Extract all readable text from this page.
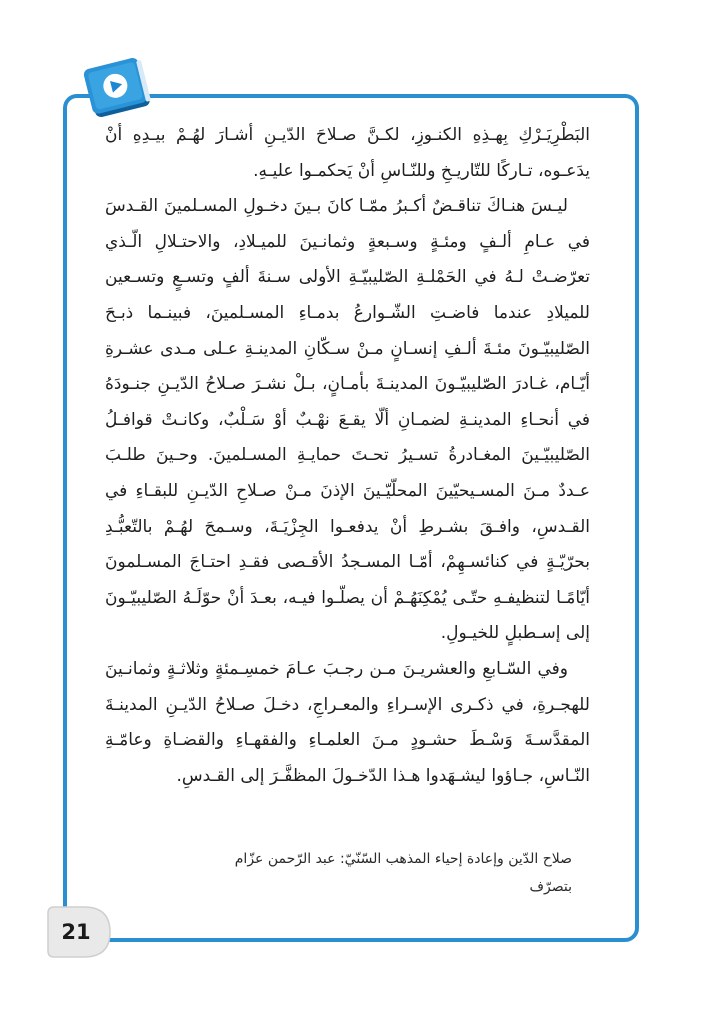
البَطْرِيَـرْكِ بِهـذِهِ الكنـوزِ، لكـنَّ صـلاحَ الدّيـنِ أشـارَ لهُـمْ بيـدِهِ أنْ يدَعـوه، تـاركًا للتّاريـخِ وللنّـاسِ أنْ يَحكمـوا عليـهِ.

ليـسَ هنـاكَ تناقـضٌ أكـبرُ ممّـا كانَ بـينَ دخـولِ المسـلمينَ القـدسَ في عـامِ ألـفٍ ومئـةٍ وسـبعةٍ وثمانـينَ للميـلادِ، والاحتـلالِ الّـذي تعرّضـتْ لـهُ في الحَمْلـةِ الصّليبيّـةِ الأولى سـنةَ ألفٍ وتسـعٍ وتسـعين للميلادِ عندما فاضـتِ الشّـوارعُ بدمـاءِ المسـلمينَ، فبينـما ذبـحَ الصّليبيّـونَ مئـةَ ألـفِ إنسـانٍ مـنْ سـكّانِ المدينـةِ عـلى مـدى عشـرةِ أيّـام، غـادرَ الصّليبيّـونَ المدينـةَ بأمـانٍ، بـلْ نشـرَ صـلاحُ الدّيـنِ جنـودَهُ في أنحـاءِ المدينـةِ لضمـانِ ألّا يقـعَ نهْـبٌ أوْ سَـلْبٌ، وكانـتْ قوافـلُ الصّليبيّـينَ المغـادرةُ تسـيرُ تحـتَ حمايـةِ المسـلمينَ. وحـينَ طلـبَ عـددٌ مـنَ المسـيحيّينَ المحلّيّـينَ الإذنَ مـنْ صـلاحِ الدّيـنِ للبقـاءِ في القـدسِ، وافـقَ بشـرطِ أنْ يدفعـوا الجِزْيَـةَ، وسـمحَ لهُـمْ بالتّعبُّـدِ بحرّيّـةٍ في كنائسـهِمْ، أمّـا المسـجدُ الأقـصى فقـدِ احتـاجَ المسـلمونَ أيّامًـا لتنظيفـهِ حتّـى يُمْكِنَهُـمْ أن يصلّـوا فيـه، بعـدَ أنْ حوّلَـهُ الصّليبيّـونَ إلى إسـطبلٍ للخيـولِ.

وفي السّـابعِ والعشريـنَ مـن رجـبَ عـامَ خمسِـمئةٍ وثلاثـةٍ وثمانـينَ للهجـرةِ، في ذكـرى الإسـراءِ والمعـراجِ، دخـلَ صـلاحُ الدّيـنِ المدينـةَ المقدَّسـةَ وَسْـطَ حشـودٍ مـنَ العلمـاءِ والفقهـاءِ والقضـاةِ وعامّـةِ النّـاسِ، جـاؤوا ليشـهَدوا هـذا الدّخـولَ المظفَّـرَ إلى القـدسِ.

صلاح الدّين وإعادة إحياء المذهب السّنّيّ: عبد الرّحمن عزّام
بتصرّف
21
